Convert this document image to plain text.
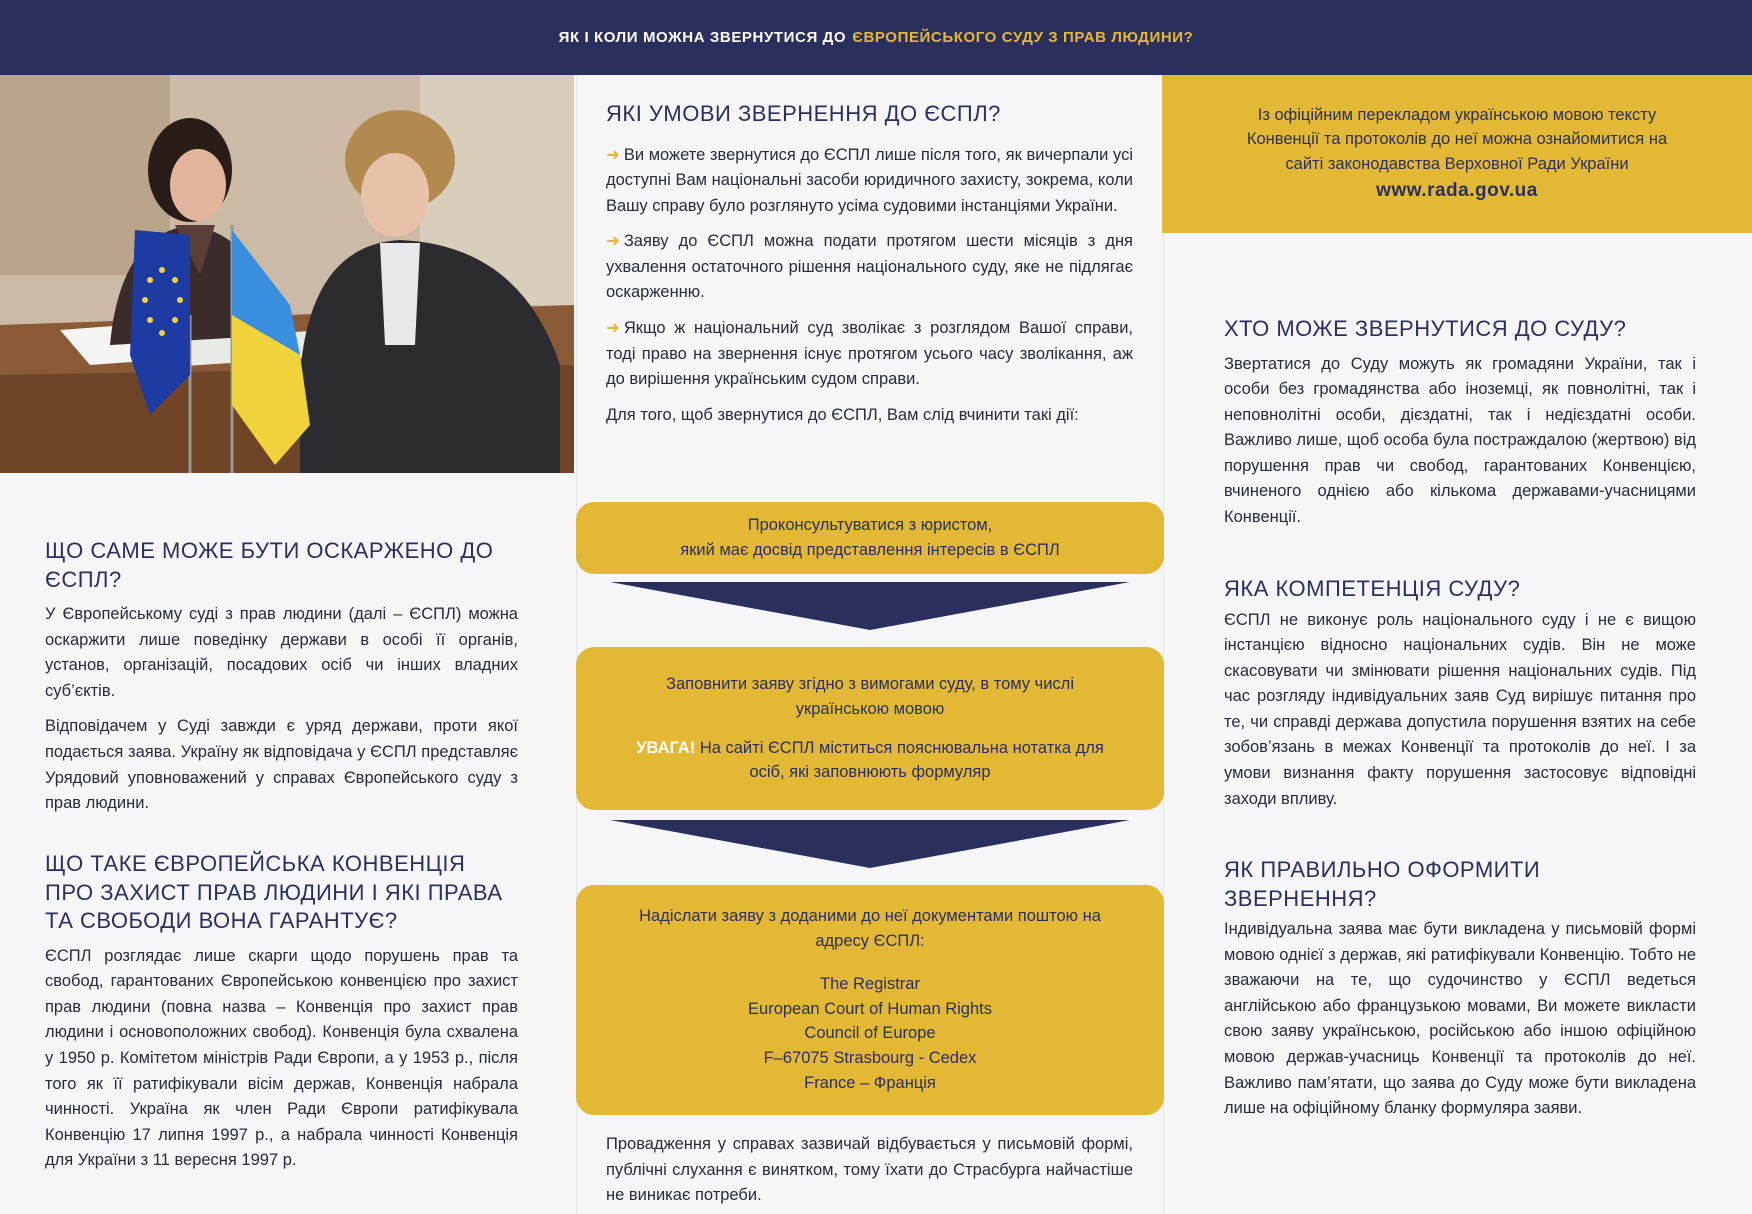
ЯК І КОЛИ МОЖНА ЗВЕРНУТИСЯ ДО ЄВРОПЕЙСЬКОГО СУДУ З ПРАВ ЛЮДИНИ?
ЩО САМЕ МОЖЕ БУТИ ОСКАРЖЕНО ДО ЄСПЛ?

У Європейському суді з прав людини (далі – ЄСПЛ) можна оскаржити лише поведінку держави в особі її органів, установ, організацій, посадових осіб чи інших владних суб’єктів.

Відповідачем у Суді завжди є уряд держави, проти якої подається заява. Україну як відповідача у ЄСПЛ представляє Урядовий уповноважений у справах Європейського суду з прав людини.

ЩО ТАКЕ ЄВРОПЕЙСЬКА КОНВЕНЦІЯ ПРО ЗАХИСТ ПРАВ ЛЮДИНИ І ЯКІ ПРАВА ТА СВОБОДИ ВОНА ГАРАНТУЄ?

ЄСПЛ розглядає лише скарги щодо порушень прав та свобод, гарантованих Європейською конвенцією про захист прав людини (повна назва – Конвенція про захист прав людини і основоположних свобод). Конвенція була схвалена у 1950 р. Комітетом міністрів Ради Європи, а у 1953 р., після того як її ратифікували вісім держав, Конвенція набрала чинності. Україна як член Ради Європи ратифікувала Конвенцію 17 липня 1997 р., а набрала чинності Конвенція для України з 11 вересня 1997 р.

ЯКІ УМОВИ ЗВЕРНЕННЯ ДО ЄСПЛ?

➜ Ви можете звернутися до ЄСПЛ лише після того, як вичерпали усі доступні Вам національні засоби юридичного захисту, зокрема, коли Вашу справу було розглянуто усіма судовими інстанціями України.

➜ Заяву до ЄСПЛ можна подати протягом шести місяців з дня ухвалення остаточного рішення національного суду, яке не підлягає оскарженню.

➜ Якщо ж національний суд зволікає з розглядом Вашої справи, тоді право на звернення існує протягом усього часу зволікання, аж до вирішення українським судом справи.

Для того, щоб звернутися до ЄСПЛ, Вам слід вчинити такі дії:

Проконсультуватися з юристом,
який має досвід представлення інтересів в ЄСПЛ
Заповнити заяву згідно з вимогами суду, в тому числі
українською мовою
УВАГА! На сайті ЄСПЛ міститься пояснювальна нотатка для
осіб, які заповнюють формуляр
Надіслати заяву з доданими до неї документами поштою на
адресу ЄСПЛ:
The Registrar
European Court of Human Rights
Council of Europe
F–67075 Strasbourg - Cedex
France – Франція

Провадження у справах зазвичай відбувається у письмовій формі, публічні слухання є винятком, тому їхати до Страсбурга найчастіше не виникає потреби.

Із офіційним перекладом українською мовою тексту
Конвенції та протоколів до неї можна ознайомитися на
сайті законодавства Верховної Ради України
www.rada.gov.ua
ХТО МОЖЕ ЗВЕРНУТИСЯ ДО СУДУ?

Звертатися до Суду можуть як громадяни України, так і особи без громадянства або іноземці, як повнолітні, так і неповнолітні особи, дієздатні, так і недієздатні особи. Важливо лише, щоб особа була постраждалою (жертвою) від порушення прав чи свобод, гарантованих Конвенцією, вчиненого однією або кількома державами-учасницями Конвенції.

ЯКА КОМПЕТЕНЦІЯ СУДУ?

ЄСПЛ не виконує роль національного суду і не є вищою інстанцією відносно національних судів. Він не може скасовувати чи змінювати рішення національних судів. Під час розгляду індивідуальних заяв Суд вирішує питання про те, чи справді держава допустила порушення взятих на себе зобов’язань в межах Конвенції та протоколів до неї. І за умови визнання факту порушення застосовує відповідні заходи впливу.

ЯК ПРАВИЛЬНО ОФОРМИТИ ЗВЕРНЕННЯ?

Індивідуальна заява має бути викладена у письмовій формі мовою однієї з держав, які ратифікували Конвенцію. Тобто не зважаючи на те, що судочинство у ЄСПЛ ведеться англійською або французькою мовами, Ви можете викласти свою заяву українською, російською або іншою офіційною мовою держав-учасниць Конвенції та протоколів до неї. Важливо пам’ятати, що заява до Суду може бути викладена лише на офіційному бланку формуляра заяви.
